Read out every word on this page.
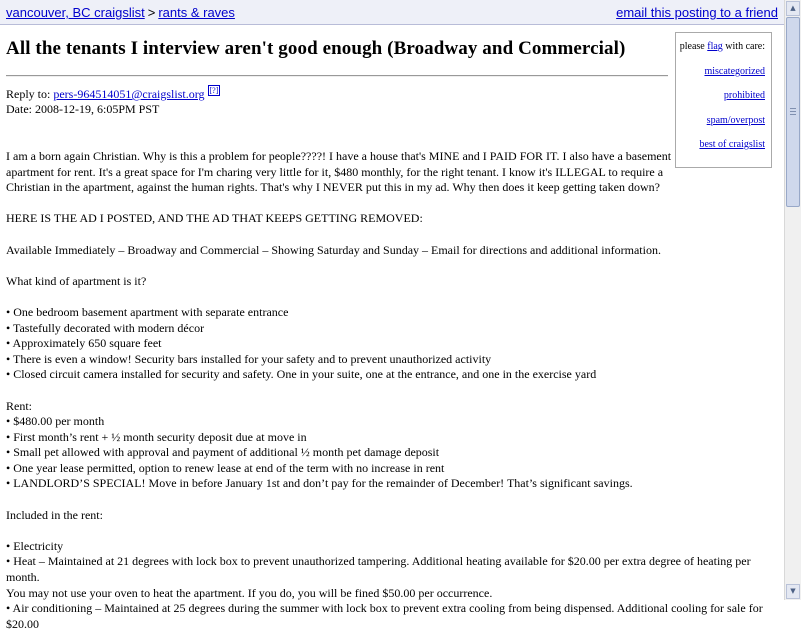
vancouver, BC craigslist > rants & raves	email this posting to a friend
All the tenants I interview aren't good enough (Broadway and Commercial)	please flag with care:
miscategorized
prohibited
spam/overpost
best of craigslist
Reply to: pers-964514051@craigslist.org [?]
Date: 2008-12-19, 6:05PM PST

I am a born again Christian. Why is this a problem for people????! I have a house that's MINE and I PAID FOR IT. I also have a basement

apartment for rent. It's a great space for I'm charing very little for it, $480 monthly, for the right tenant. I know it's ILLEGAL to require a

Christian in the apartment, against the human rights. That's why I NEVER put this in my ad. Why then does it keep getting taken down?

HERE IS THE AD I POSTED, AND THE AD THAT KEEPS GETTING REMOVED:

Available Immediately – Broadway and Commercial – Showing Saturday and Sunday – Email for directions and additional information.

What kind of apartment is it?

• One bedroom basement apartment with separate entrance

• Tastefully decorated with modern décor

• Approximately 650 square feet

• There is even a window! Security bars installed for your safety and to prevent unauthorized activity

• Closed circuit camera installed for security and safety. One in your suite, one at the entrance, and one in the exercise yard

Rent:

• $480.00 per month

• First month’s rent + ½ month security deposit due at move in

• Small pet allowed with approval and payment of additional ½ month pet damage deposit

• One year lease permitted, option to renew lease at end of the term with no increase in rent

• LANDLORD’S SPECIAL! Move in before January 1st and don’t pay for the remainder of December! That’s significant savings.

Included in the rent:

• Electricity

• Heat – Maintained at 21 degrees with lock box to prevent unauthorized tampering. Additional heating available for $20.00 per extra degree of heating per month.

You may not use your oven to heat the apartment. If you do, you will be fined $50.00 per occurrence.

• Air conditioning – Maintained at 25 degrees during the summer with lock box to prevent extra cooling from being dispensed. Additional cooling for sale for $20.00

▲
▼
